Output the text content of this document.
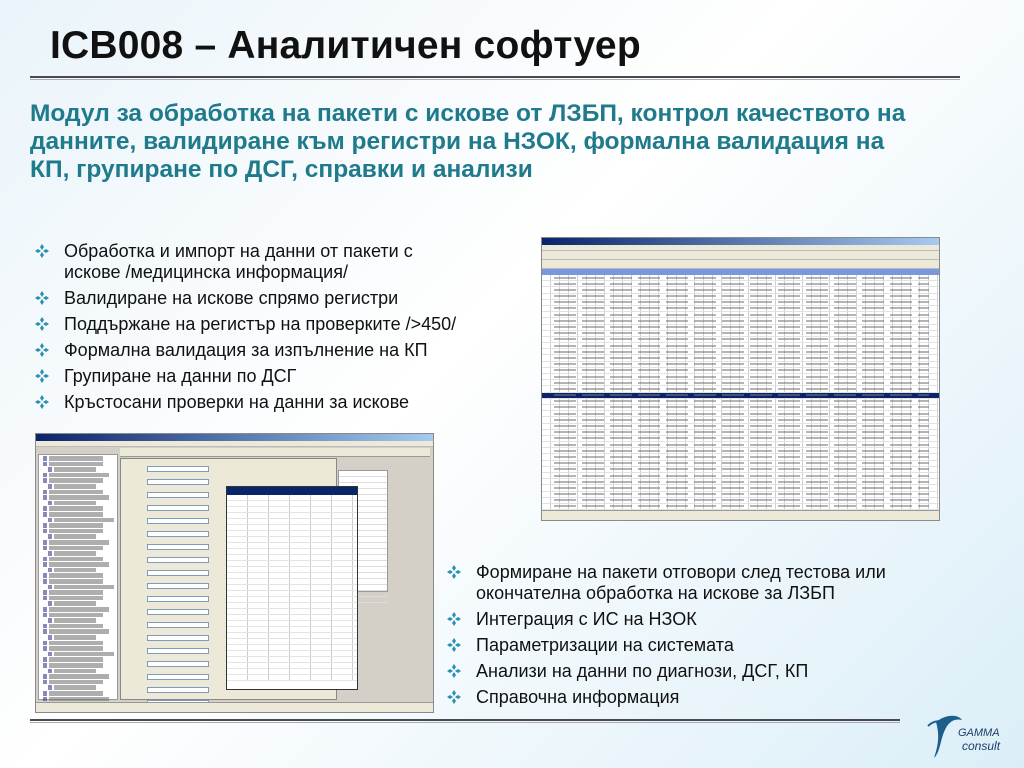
ICB008 – Аналитичен софтуер
Модул за обработка на пакети с искове от ЛЗБП, контрол качеството на данните, валидиране към регистри на НЗОК, формална валидация на КП, групиране по ДСГ, справки и анализи
Обработка и импорт на данни от пакети с искове /медицинска информация/
Валидиране на искове спрямо регистри
Поддържане на регистър на проверките />450/
Формална валидация за изпълнение на КП
Групиране на данни по ДСГ
Кръстосани проверки на данни за искове
Формиране на пакети отговори след тестова или окончателна обработка на искове за ЛЗБП
Интеграция с ИС на НЗОК
Параметризации на системата
Анализи на данни по диагнози, ДСГ, КП
Справочна информация
GAMMA
consult
